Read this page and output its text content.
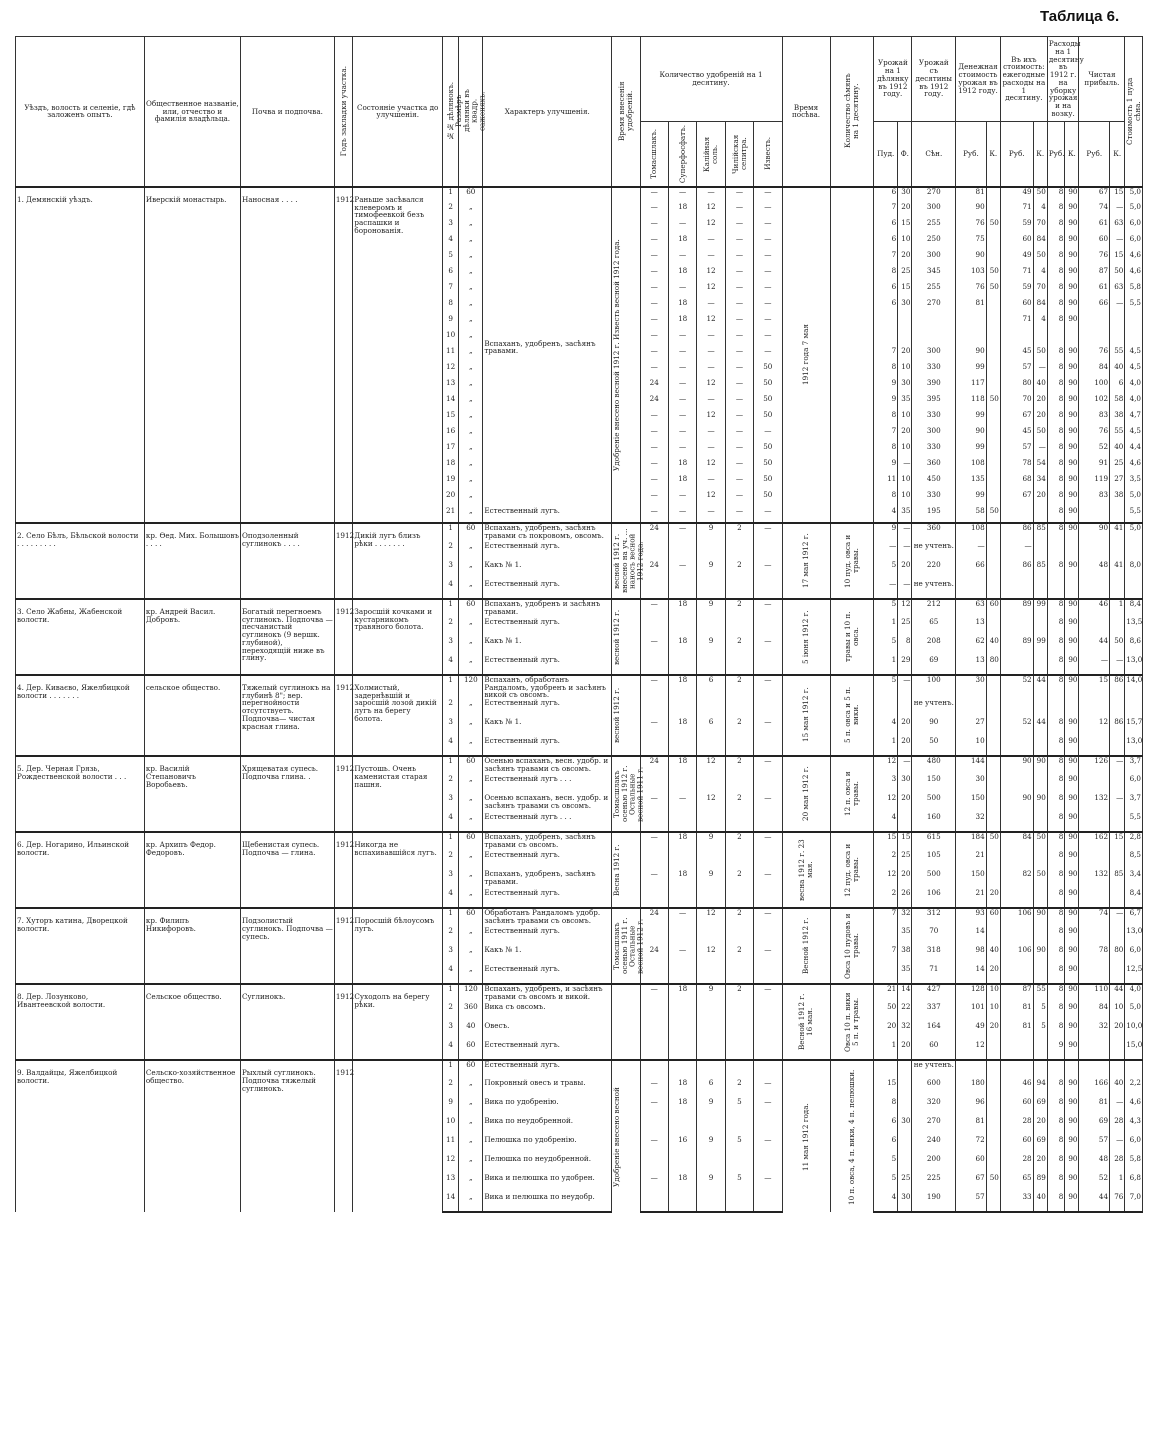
Таблица 6.
Уѣздъ, волость и селеніе, гдѣ заложенъ опытъ.	Общественное названіе, или, отчество и фамилія владѣльца.	Почва и подпочва.	Годъ закладки участка.	Состояніе участка до улучшенія.	№№ дѣлянокъ.	Размѣръ дѣлянки въ квадр. саженяхъ.	Характеръ улучшенія.	Время внесенія удобреній.	Количество удобреній на 1 десятину.					Время посѣва.	Количество сѣмянъ на 1 десятину.	Урожай на 1 дѣлянку въ 1912 году.		Урожай съ десятины въ 1912 году.	Денежная стоимость урожая въ 1912 году.		Въ ихъ стоимость: ежегодные расходы на 1 десятину.		Расходы на 1 десятину въ 1912 г. на уборку урожая и на возку.		Чистая прибыль.		Стоимость 1 пуда сѣна.

									Томасшлакъ.	Суперфосфатъ.	Калійная соль.	Чилійская селитра.	Известь.			Пуд.	Ф.	Сѣн.	Руб.	К.	Руб.	К.	Руб.	К.	Руб.	К.	
1. Демянскій уѣздъ.	Иверскій монастырь.	Наносная . . . .	1912	Раньше засѣвался клеверомъ и тимофеевкой безъ распашки и боронованія.	1	60	Вспаханъ, удобренъ, засѣянъ травами.	Удобреніе внесено весной 1912 г. Известь весной 1912 года.	—	—	—	—	—	1912 года 7 мая		6	30	270	81		49	50	8	90	67	15	5,0
					2	„			—	18	12	—	—			7	20	300	90		71	4	8	90	74	—	5,0
					3	„			—	—	12	—	—			6	15	255	76	50	59	70	8	90	61	63	6,0
					4	„			—	18	—	—	—			6	10	250	75		60	84	8	90	60	—	6,0
					5	„			—	—	—	—	—			7	20	300	90		49	50	8	90	76	15	4,6
					6	„			—	18	12	—	—			8	25	345	103	50	71	4	8	90	87	50	4,6
					7	„			—	—	12	—	—			6	15	255	76	50	59	70	8	90	61	63	5,8
					8	„			—	18	—	—	—			6	30	270	81		60	84	8	90	66	—	5,5
					9	„			—	18	12	—	—								71	4	8	90			
					10	„			—	—	—	—	—														
					11	„			—	—	—	—	—			7	20	300	90		45	50	8	90	76	55	4,5
					12	„			—	—	—	—	50			8	10	330	99		57	—	8	90	84	40	4,5
					13	„			24	—	12	—	50			9	30	390	117		80	40	8	90	100	6	4,0
					14	„			24	—	—	—	50			9	35	395	118	50	70	20	8	90	102	58	4,0
					15	„			—	—	12	—	50			8	10	330	99		67	20	8	90	83	38	4,7
					16	„			—	—	—	—	—			7	20	300	90		45	50	8	90	76	55	4,5
					17	„			—	—	—	—	50			8	10	330	99		57	—	8	90	52	40	4,4
					18	„			—	18	12	—	50			9	—	360	108		78	54	8	90	91	25	4,6
					19	„			—	18	—	—	50			11	10	450	135		68	34	8	90	119	27	3,5
					20	„			—	—	12	—	50			8	10	330	99		67	20	8	90	83	38	5,0
					21	„	Естественный лугъ.		—	—	—	—	—			4	35	195	58	50			8	90			5,5
2. Село Бѣлъ, Бѣльской волости . . . . . . . . .	кр. Өед. Мих. Болышовъ . . . .	Оподзоленный суглинокъ . . . .	1912	Дикій лугъ близъ рѣки . . . . . . .	1	60	Вспаханъ, удобренъ, засѣянъ травами съ покровомъ, овсомъ.	весной 1912 г. внесено на уч. ... наносъ весной 1912 года.	24	—	9	2	—	17 мая 1912 г.	10 пуд. овса и травы.	9	—	360	108		86	85	8	90	90	41	5,0
					2	„	Естественный лугъ.									—	—	не учтенъ.	—		—						
					3	„	Какъ № 1.		24	—	9	2	—			5	20	220	66		86	85	8	90	48	41	8,0
					4	„	Естественный лугъ.									—	—	не учтенъ.									
3. Село Жабны, Жабенской волости.	кр. Андрей Васил. Добровъ.	Богатый перегноемъ суглинокъ. Подпочва — песчанистый суглинокъ (9 вершк. глубиной), переходящій ниже въ глину.	1912	Заросшій кочками и кустарникомъ травяного болота.	1	60	Вспаханъ, удобренъ и засѣянъ травами.	весной 1912 г.	—	18	9	2	—	5 іюня 1912 г.	травы и 10 п. овса.	5	12	212	63	60	89	99	8	90	46	1	8,4
					2	„	Естественный лугъ.									1	25	65	13				8	90			13,5
					3	„	Какъ № 1.		—	18	9	2	—			5	8	208	62	40	89	99	8	90	44	50	8,6
					4	„	Естественный лугъ.									1	29	69	13	80			8	90	—	—	13,0
4. Дер. Киваєво, Яжелбицкой волости . . . . . . .	сельское общество.	Тяжелый суглинокъ на глубинѣ 8"; вер. перегнойности отсутствуетъ. Подпочва— чистая красная глина.	1912	Холмистый, задернѣвшій и заросшій лозой дикій лугъ на берегу болота.	1	120	Вспаханъ, обработанъ Рандаломъ, удобренъ и засѣянъ викой съ овсомъ.	весной 1912 г.	—	18	6	2	—	15 мая 1912 г.	5 п. овса и 5 п. вики.	5	—	100	30		52	44	8	90	15	86	14,0
					2	„	Естественный лугъ.											не учтенъ.									
					3	„	Какъ № 1.		—	18	6	2	—			4	20	90	27		52	44	8	90	12	86	15,7
					4	„	Естественный лугъ.									1	20	50	10				8	90			13,0
5. Дер. Черная Грязь, Рождественской волости . . .	кр. Василій Степановичъ Воробьевъ.	Хрящеватая супесь. Подпочва глина. .	1912	Пустошь. Очень каменистая старая пашня.	1	60	Осенью вспаханъ, весн. удобр. и засѣянъ травами съ овсомъ.	Томасшлакъ осенью 1912 г. Остальные весной 1911 г.	24	18	12	2	—	20 мая 1912 г.	12 п. овса и травы.	12	—	480	144		90	90	8	90	126	—	3,7
					2	„	Естественный лугъ . . .									3	30	150	30				8	90			6,0
					3	„	Осенью вспаханъ, весн. удобр. и засѣянъ травами съ овсомъ.		—	—	12	2	—			12	20	500	150		90	90	8	90	132	—	3,7
					4	„	Естественный лугъ . . .									4		160	32				8	90			5,5
6. Дер. Ногарино, Ильинской волости.	кр. Архипъ Федор. Федоровъ.	Щебенистая супесь. Подпочва — глина.	1912	Никогда не вспахивавшійся лугъ.	1	60	Вспаханъ, удобренъ, засѣянъ травами съ овсомъ.	Весна 1912 г.	—	18	9	2	—	весна 1912 г. 23 мая.	12 пуд. овса и травы.	15	15	615	184	50	84	50	8	90	162	15	2,8
					2	„	Естественный лугъ.									2	25	105	21				8	90			8,5
					3	„	Вспаханъ, удобренъ, засѣянъ травами.		—	18	9	2	—			12	20	500	150		82	50	8	90	132	85	3,4
					4	„	Естественный лугъ.									2	26	106	21	20			8	90			8,4
7. Хуторъ катина, Дворецкой волости.	кр. Филипъ Никифоровъ.	Подзолистый суглинокъ. Подпочва — супесь.	1912	Поросшій бѣлоусомъ лугъ.	1	60	Обработанъ Рандаломъ удобр. засѣянъ травами съ овсомъ.	Томасшлакъ осенью 1911 г. Остальные весной 1912 г.	24	—	12	2	—	Весной 1912 г.	Овса 10 пудовъ и травы.	7	32	312	93	60	106	90	8	90	74	—	6,7
					2	„	Естественный лугъ.										35	70	14				8	90			13,0
					3	„	Какъ № 1.		24	—	12	2	—			7	38	318	98	40	106	90	8	90	78	80	6,0
					4	„	Естественный лугъ.										35	71	14	20			8	90			12,5
8. Дер. Лозунково, Ивантеевской волости.	Сельское общество.	Суглинокъ.	1912	Суходолъ на берегу рѣки.	1	120	Вспаханъ, удобренъ, и засѣянъ травами съ овсомъ и викой.		—	18	9	2	—	Весной 1912 г. 16 мая.	Овса 10 п. вики 5 п. и травы.	21	14	427	128	10	87	55	8	90	110	44	4,0
					2	360	Вика съ овсомъ.									50	22	337	101	10	81	5	8	90	84	10	5,0
					3	40	Овесъ.									20	32	164	49	20	81	5	8	90	32	20	10,0
					4	60	Естественный лугъ.									1	20	60	12				9	90			15,0
9. Валдайцы, Яжелбицкой волости.	Сельско-хозяйственное общество.	Рыхлый суглинокъ. Подпочва тяжелый суглинокъ.	1912		1	60	Естественный лугъ.	Удобреніе внесено весной						11 мая 1912 года.	10 п. овса, 4 п. вики, 4 п. пелюшки.			не учтенъ.									
					2	„	Покровный овесъ и травы.		—	18	6	2	—			15		600	180		46	94	8	90	166	40	2,2
					9	„	Вика по удобренію.		—	18	9	5	—			8		320	96		60	69	8	90	81	—	4,6
					10	„	Вика по неудобренной.									6	30	270	81		28	20	8	90	69	28	4,3
					11	„	Пелюшка по удобренію.		—	16	9	5	—			6		240	72		60	69	8	90	57	—	6,0
					12	„	Пелюшка по неудобренной.									5		200	60		28	20	8	90	48	28	5,8
					13	„	Вика и пелюшка по удобрен.		—	18	9	5	—			5	25	225	67	50	65	89	8	90	52	1	6,8
					14	„	Вика и пелюшка по неудобр.									4	30	190	57		33	40	8	90	44	76	7,0
